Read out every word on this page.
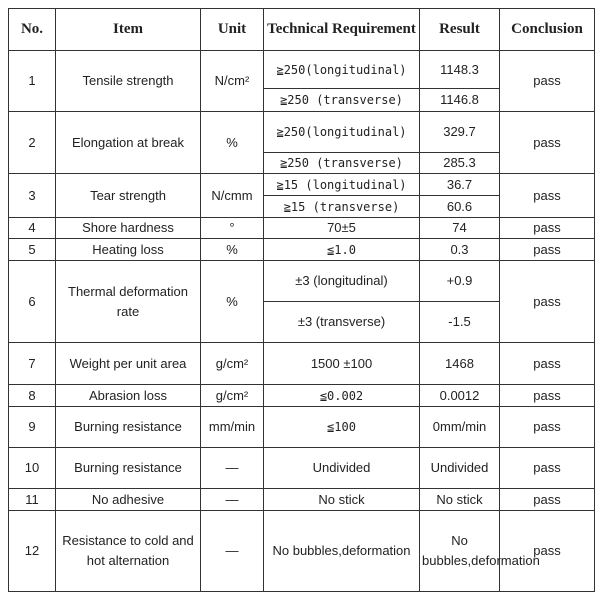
No.	Item	Unit	Technical Requirement	Result	Conclusion
1	Tensile strength	N/cm²	≧250(longitudinal)	1148.3	pass
			≧250 (transverse)	1146.8	
2	Elongation at break	%	≧250(longitudinal)	329.7	pass
			≧250 (transverse)	285.3	
3	Tear strength	N/cmm	≧15 (longitudinal)	36.7	pass
			≧15 (transverse)	60.6	
4	Shore hardness	°	70±5	74	pass
5	Heating loss	%	≦1.0	0.3	pass
6	Thermal deformation rate	%	±3 (longitudinal)	+0.9	pass
			±3 (transverse)	-1.5	
7	Weight per unit area	g/cm²	1500 ±100	1468	pass
8	Abrasion loss	g/cm²	≦0.002	0.0012	pass
9	Burning resistance	mm/min	≦100	0mm/min	pass
10	Burning resistance	—	Undivided	Undivided	pass
11	No adhesive	—	No stick	No stick	pass
12	Resistance to cold and hot alternation	—	No bubbles,deformation	No bubbles,deformation	pass
